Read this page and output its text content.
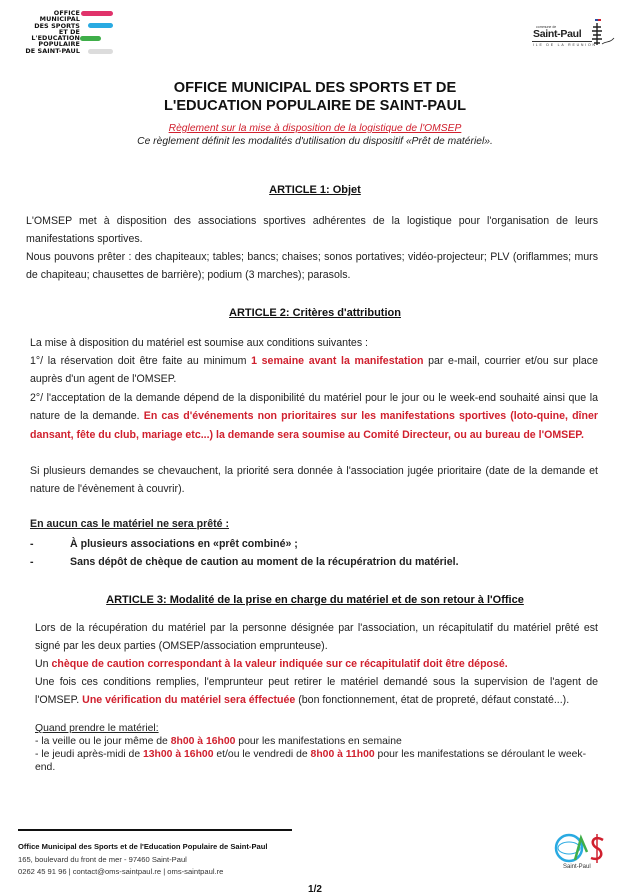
OFFICE
MUNICIPAL
DES SPORTS
ET DE
L'EDUCATION
POPULAIRE
DE SAINT-PAUL
commune de
Saint-Paul
ILE DE LA REUNION
OFFICE MUNICIPAL DES SPORTS ET DE
L'EDUCATION POPULAIRE DE SAINT-PAUL
Règlement sur la mise à disposition de la logistique de l'OMSEP
Ce règlement définit les modalités d'utilisation du dispositif «Prêt de matériel».
ARTICLE 1: Objet
L'OMSEP met à disposition des associations sportives adhérentes de la logistique pour l'organisation de leurs manifestations sportives.
Nous pouvons prêter : des chapiteaux; tables; bancs; chaises; sonos portatives; vidéo-projecteur; PLV (oriflammes; murs de chapiteau; chausettes de barrière); podium (3 marches); parasols.
ARTICLE 2: Critères d'attribution
La mise à disposition du matériel est soumise aux conditions suivantes :
1°/ la réservation doit être faite au minimum 1 semaine avant la manifestation par e-mail, courrier et/ou sur place auprès d'un agent de l'OMSEP.
2°/ l'acceptation de la demande dépend de la disponibilité du matériel pour le jour ou le week-end souhaité ainsi que la nature de la demande. En cas d'événements non prioritaires sur les manifestations sportives (loto-quine, dîner dansant, fête du club, mariage etc...) la demande sera soumise au Comité Directeur, ou au bureau de l'OMSEP.
Si plusieurs demandes se chevauchent, la priorité sera donnée à l'association jugée prioritaire (date de la demande et nature de l'évènement à couvrir).
En aucun cas le matériel ne sera prêté :
-	À plusieurs associations en «prêt combiné» ;
-	Sans dépôt de chèque de caution au moment de la récupératrion du matériel.
ARTICLE 3: Modalité de la prise en charge du matériel et de son retour à l'Office
Lors de la récupération du matériel par la personne désignée par l'association, un récapitulatif du matériel prêté est signé par les deux parties (OMSEP/association emprunteuse).
Un chèque de caution correspondant à la valeur indiquée sur ce récapitulatif doit être déposé.
Une fois ces conditions remplies, l'emprunteur peut retirer le matériel demandé sous la supervision de l'agent de l'OMSEP. Une vérification du matériel sera éffectuée (bon fonctionnement, état de propreté, défaut constaté...).
Quand prendre le matériel:
- la veille ou le jour même de 8h00 à 16h00 pour les manifestations en semaine
- le jeudi après-midi de 13h00 à 16h00 et/ou le vendredi de 8h00 à 11h00 pour les manifestations se déroulant le week-end.
Office Municipal des Sports et de l'Education Populaire de Saint-Paul
165, boulevard du front de mer - 97460 Saint-Paul
0262 45 91 96 | contact@oms-saintpaul.re | oms-saintpaul.re	Saint-Paul
1/2
